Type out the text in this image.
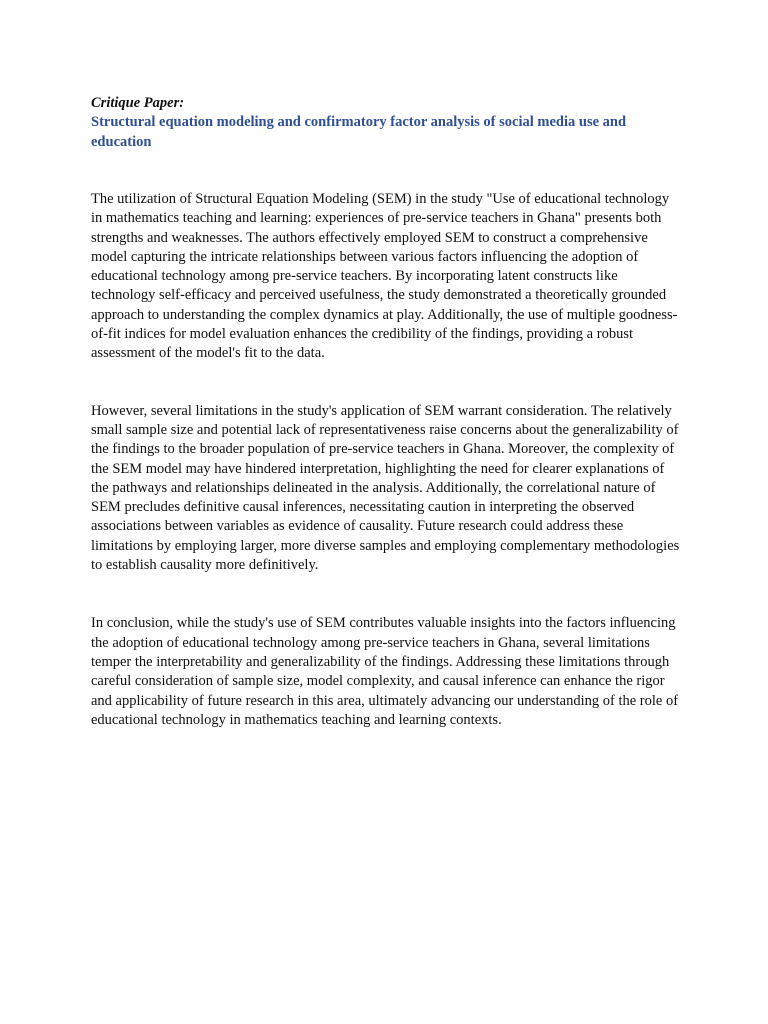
Critique Paper:

Structural equation modeling and confirmatory factor analysis of social media use and education

The utilization of Structural Equation Modeling (SEM) in the study "Use of educational technology in mathematics teaching and learning: experiences of pre-service teachers in Ghana" presents both strengths and weaknesses. The authors effectively employed SEM to construct a comprehensive model capturing the intricate relationships between various factors influencing the adoption of educational technology among pre-service teachers. By incorporating latent constructs like technology self-efficacy and perceived usefulness, the study demonstrated a theoretically grounded approach to understanding the complex dynamics at play. Additionally, the use of multiple goodness-of-fit indices for model evaluation enhances the credibility of the findings, providing a robust assessment of the model's fit to the data.

However, several limitations in the study's application of SEM warrant consideration. The relatively small sample size and potential lack of representativeness raise concerns about the generalizability of the findings to the broader population of pre-service teachers in Ghana. Moreover, the complexity of the SEM model may have hindered interpretation, highlighting the need for clearer explanations of the pathways and relationships delineated in the analysis. Additionally, the correlational nature of SEM precludes definitive causal inferences, necessitating caution in interpreting the observed associations between variables as evidence of causality. Future research could address these limitations by employing larger, more diverse samples and employing complementary methodologies to establish causality more definitively.

In conclusion, while the study's use of SEM contributes valuable insights into the factors influencing the adoption of educational technology among pre-service teachers in Ghana, several limitations temper the interpretability and generalizability of the findings. Addressing these limitations through careful consideration of sample size, model complexity, and causal inference can enhance the rigor and applicability of future research in this area, ultimately advancing our understanding of the role of educational technology in mathematics teaching and learning contexts.
